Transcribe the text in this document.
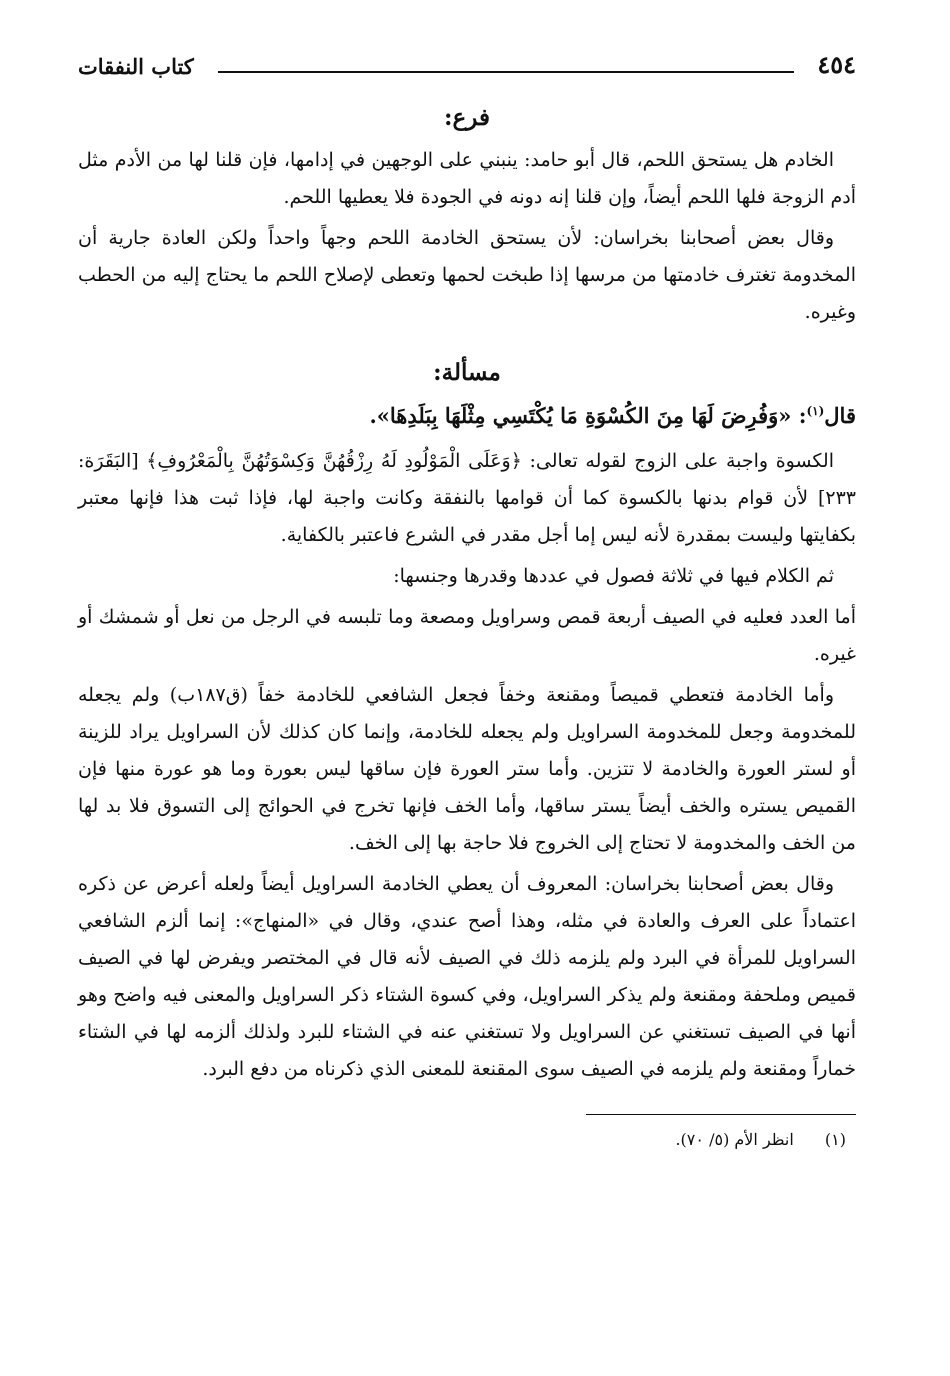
٤٥٤
كتاب النفقات
فرع:

الخادم هل يستحق اللحم، قال أبو حامد: ينبني على الوجهين في إدامها، فإن قلنا لها من الأدم مثل أدم الزوجة فلها اللحم أيضاً، وإن قلنا إنه دونه في الجودة فلا يعطيها اللحم.

وقال بعض أصحابنا بخراسان: لأن يستحق الخادمة اللحم وجهاً واحداً ولكن العادة جارية أن المخدومة تغترف خادمتها من مرسها إذا طبخت لحمها وتعطى لإصلاح اللحم ما يحتاج إليه من الحطب وغيره.

مسألة:

قال$^{(١)}$: «وَفُرِضَ لَهَا مِنَ الكُسْوَةِ مَا يُكْتَسِي مِثْلَهَا بِبَلَدِهَا».

الكسوة واجبة على الزوج لقوله تعالى: ﴿وَعَلَى الْمَوْلُودِ لَهُ رِزْقُهُنَّ وَكِسْوَتُهُنَّ بِالْمَعْرُوفِ﴾ [البَقَرَة: ٢٣٣] لأن قوام بدنها بالكسوة كما أن قوامها بالنفقة وكانت واجبة لها، فإذا ثبت هذا فإنها معتبر بكفايتها وليست بمقدرة لأنه ليس إما أجل مقدر في الشرع فاعتبر بالكفاية.

ثم الكلام فيها في ثلاثة فصول في عددها وقدرها وجنسها:

أما العدد فعليه في الصيف أربعة قمص وسراويل ومصعة وما تلبسه في الرجل من نعل أو شمشك أو غيره.

وأما الخادمة فتعطي قميصاً ومقنعة وخفاً فجعل الشافعي للخادمة خفاً (ق١٨٧ب) ولم يجعله للمخدومة وجعل للمخدومة السراويل ولم يجعله للخادمة، وإنما كان كذلك لأن السراويل يراد للزينة أو لستر العورة والخادمة لا تتزين. وأما ستر العورة فإن ساقها ليس بعورة وما هو عورة منها فإن القميص يستره والخف أيضاً يستر ساقها، وأما الخف فإنها تخرج في الحوائج إلى التسوق فلا بد لها من الخف والمخدومة لا تحتاج إلى الخروج فلا حاجة بها إلى الخف.

وقال بعض أصحابنا بخراسان: المعروف أن يعطي الخادمة السراويل أيضاً ولعله أعرض عن ذكره اعتماداً على العرف والعادة في مثله، وهذا أصح عندي، وقال في «المنهاج»: إنما ألزم الشافعي السراويل للمرأة في البرد ولم يلزمه ذلك في الصيف لأنه قال في المختصر ويفرض لها في الصيف قميص وملحفة ومقنعة ولم يذكر السراويل، وفي كسوة الشتاء ذكر السراويل والمعنى فيه واضح وهو أنها في الصيف تستغني عن السراويل ولا تستغني عنه في الشتاء للبرد ولذلك ألزمه لها في الشتاء خماراً ومقنعة ولم يلزمه في الصيف سوى المقنعة للمعنى الذي ذكرناه من دفع البرد.

(١) انظر الأم (٥/ ٧٠).
